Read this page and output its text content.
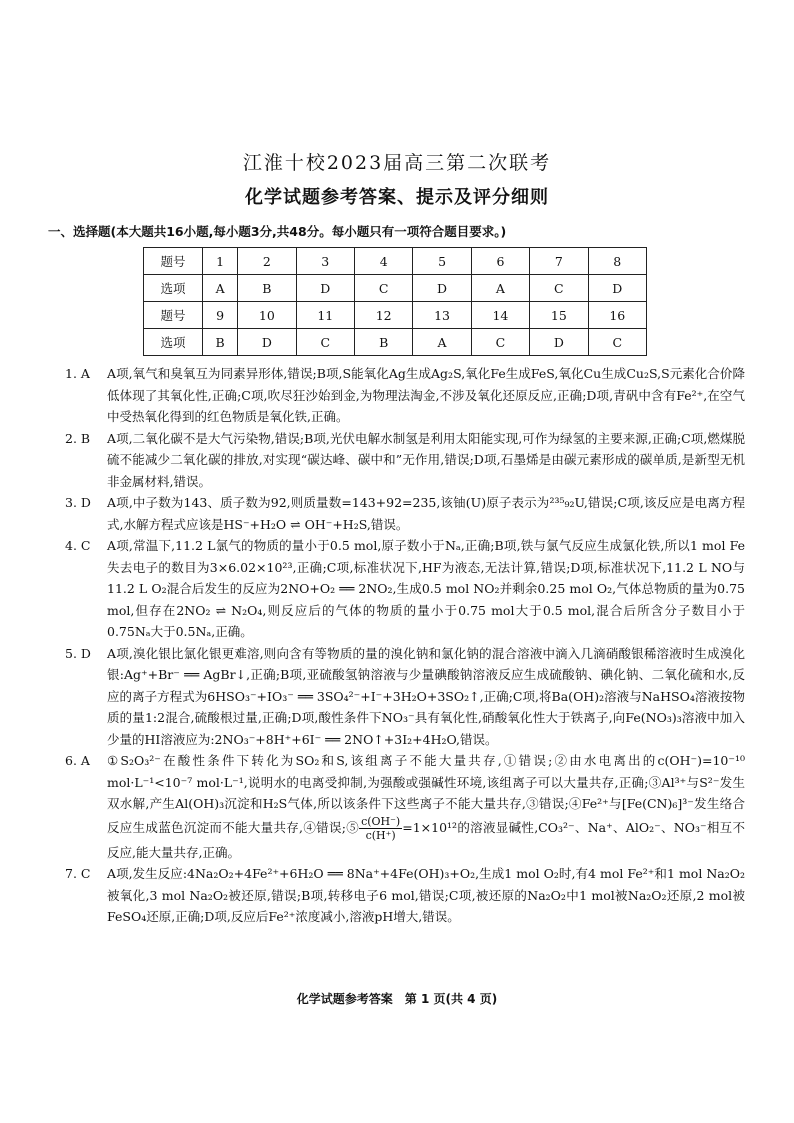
江淮十校2023届高三第二次联考
化学试题参考答案、提示及评分细则
一、选择题(本大题共16小题,每小题3分,共48分。每小题只有一项符合题目要求。)
题号	1	2	3	4	5	6	7	8
选项	A	B	D	C	D	A	C	D
题号	9	10	11	12	13	14	15	16
选项	B	D	C	B	A	C	D	C
1. A	A项,氧气和臭氧互为同素异形体,错误;B项,S能氧化Ag生成Ag₂S,氧化Fe生成FeS,氧化Cu生成Cu₂S,S元素化合价降低体现了其氧化性,正确;C项,吹尽狂沙始到金,为物理法淘金,不涉及氧化还原反应,正确;D项,青矾中含有Fe²⁺,在空气中受热氧化得到的红色物质是氧化铁,正确。
2. B	A项,二氧化碳不是大气污染物,错误;B项,光伏电解水制氢是利用太阳能实现,可作为绿氢的主要来源,正确;C项,燃煤脱硫不能减少二氧化碳的排放,对实现“碳达峰、碳中和”无作用,错误;D项,石墨烯是由碳元素形成的碳单质,是新型无机非金属材料,错误。
3. D	A项,中子数为143、质子数为92,则质量数=143+92=235,该铀(U)原子表示为²³⁵₉₂U,错误;C项,该反应是电离方程式,水解方程式应该是HS⁻+H₂O ⇌ OH⁻+H₂S,错误。
4. C	A项,常温下,11.2 L氯气的物质的量小于0.5 mol,原子数小于Nₐ,正确;B项,铁与氯气反应生成氯化铁,所以1 mol Fe失去电子的数目为3×6.02×10²³,正确;C项,标准状况下,HF为液态,无法计算,错误;D项,标准状况下,11.2 L NO与11.2 L O₂混合后发生的反应为2NO+O₂ ══ 2NO₂,生成0.5 mol NO₂并剩余0.25 mol O₂,气体总物质的量为0.75 mol,但存在2NO₂ ⇌ N₂O₄,则反应后的气体的物质的量小于0.75 mol大于0.5 mol,混合后所含分子数目小于0.75Nₐ大于0.5Nₐ,正确。
5. D	A项,溴化银比氯化银更难溶,则向含有等物质的量的溴化钠和氯化钠的混合溶液中滴入几滴硝酸银稀溶液时生成溴化银:Ag⁺+Br⁻ ══ AgBr↓,正确;B项,亚硫酸氢钠溶液与少量碘酸钠溶液反应生成硫酸钠、碘化钠、二氧化硫和水,反应的离子方程式为6HSO₃⁻+IO₃⁻ ══ 3SO₄²⁻+I⁻+3H₂O+3SO₂↑,正确;C项,将Ba(OH)₂溶液与NaHSO₄溶液按物质的量1:2混合,硫酸根过量,正确;D项,酸性条件下NO₃⁻具有氧化性,硝酸氧化性大于铁离子,向Fe(NO₃)₃溶液中加入少量的HI溶液应为:2NO₃⁻+8H⁺+6I⁻ ══ 2NO↑+3I₂+4H₂O,错误。
6. A	①S₂O₃²⁻在酸性条件下转化为SO₂和S,该组离子不能大量共存,①错误;②由水电离出的c(OH⁻)=10⁻¹⁰ mol·L⁻¹<10⁻⁷ mol·L⁻¹,说明水的电离受抑制,为强酸或强碱性环境,该组离子可以大量共存,正确;③Al³⁺与S²⁻发生双水解,产生Al(OH)₃沉淀和H₂S气体,所以该条件下这些离子不能大量共存,③错误;④Fe²⁺与[Fe(CN)₆]³⁻发生络合反应生成蓝色沉淀而不能大量共存,④错误;⑤ $\frac{c(OH^-)}{c(H^+)} =1\times 10^{12}$的溶液显碱性,CO₃²⁻、Na⁺、AlO₂⁻、NO₃⁻相互不反应,能大量共存,正确。
7. C	A项,发生反应:4Na₂O₂+4Fe²⁺+6H₂O ══ 8Na⁺+4Fe(OH)₃+O₂,生成1 mol O₂时,有4 mol Fe²⁺和1 mol Na₂O₂被氧化,3 mol Na₂O₂被还原,错误;B项,转移电子6 mol,错误;C项,被还原的Na₂O₂中1 mol被Na₂O₂还原,2 mol被FeSO₄还原,正确;D项,反应后Fe²⁺浓度减小,溶液pH增大,错误。
化学试题参考答案　第 1 页(共 4 页)
